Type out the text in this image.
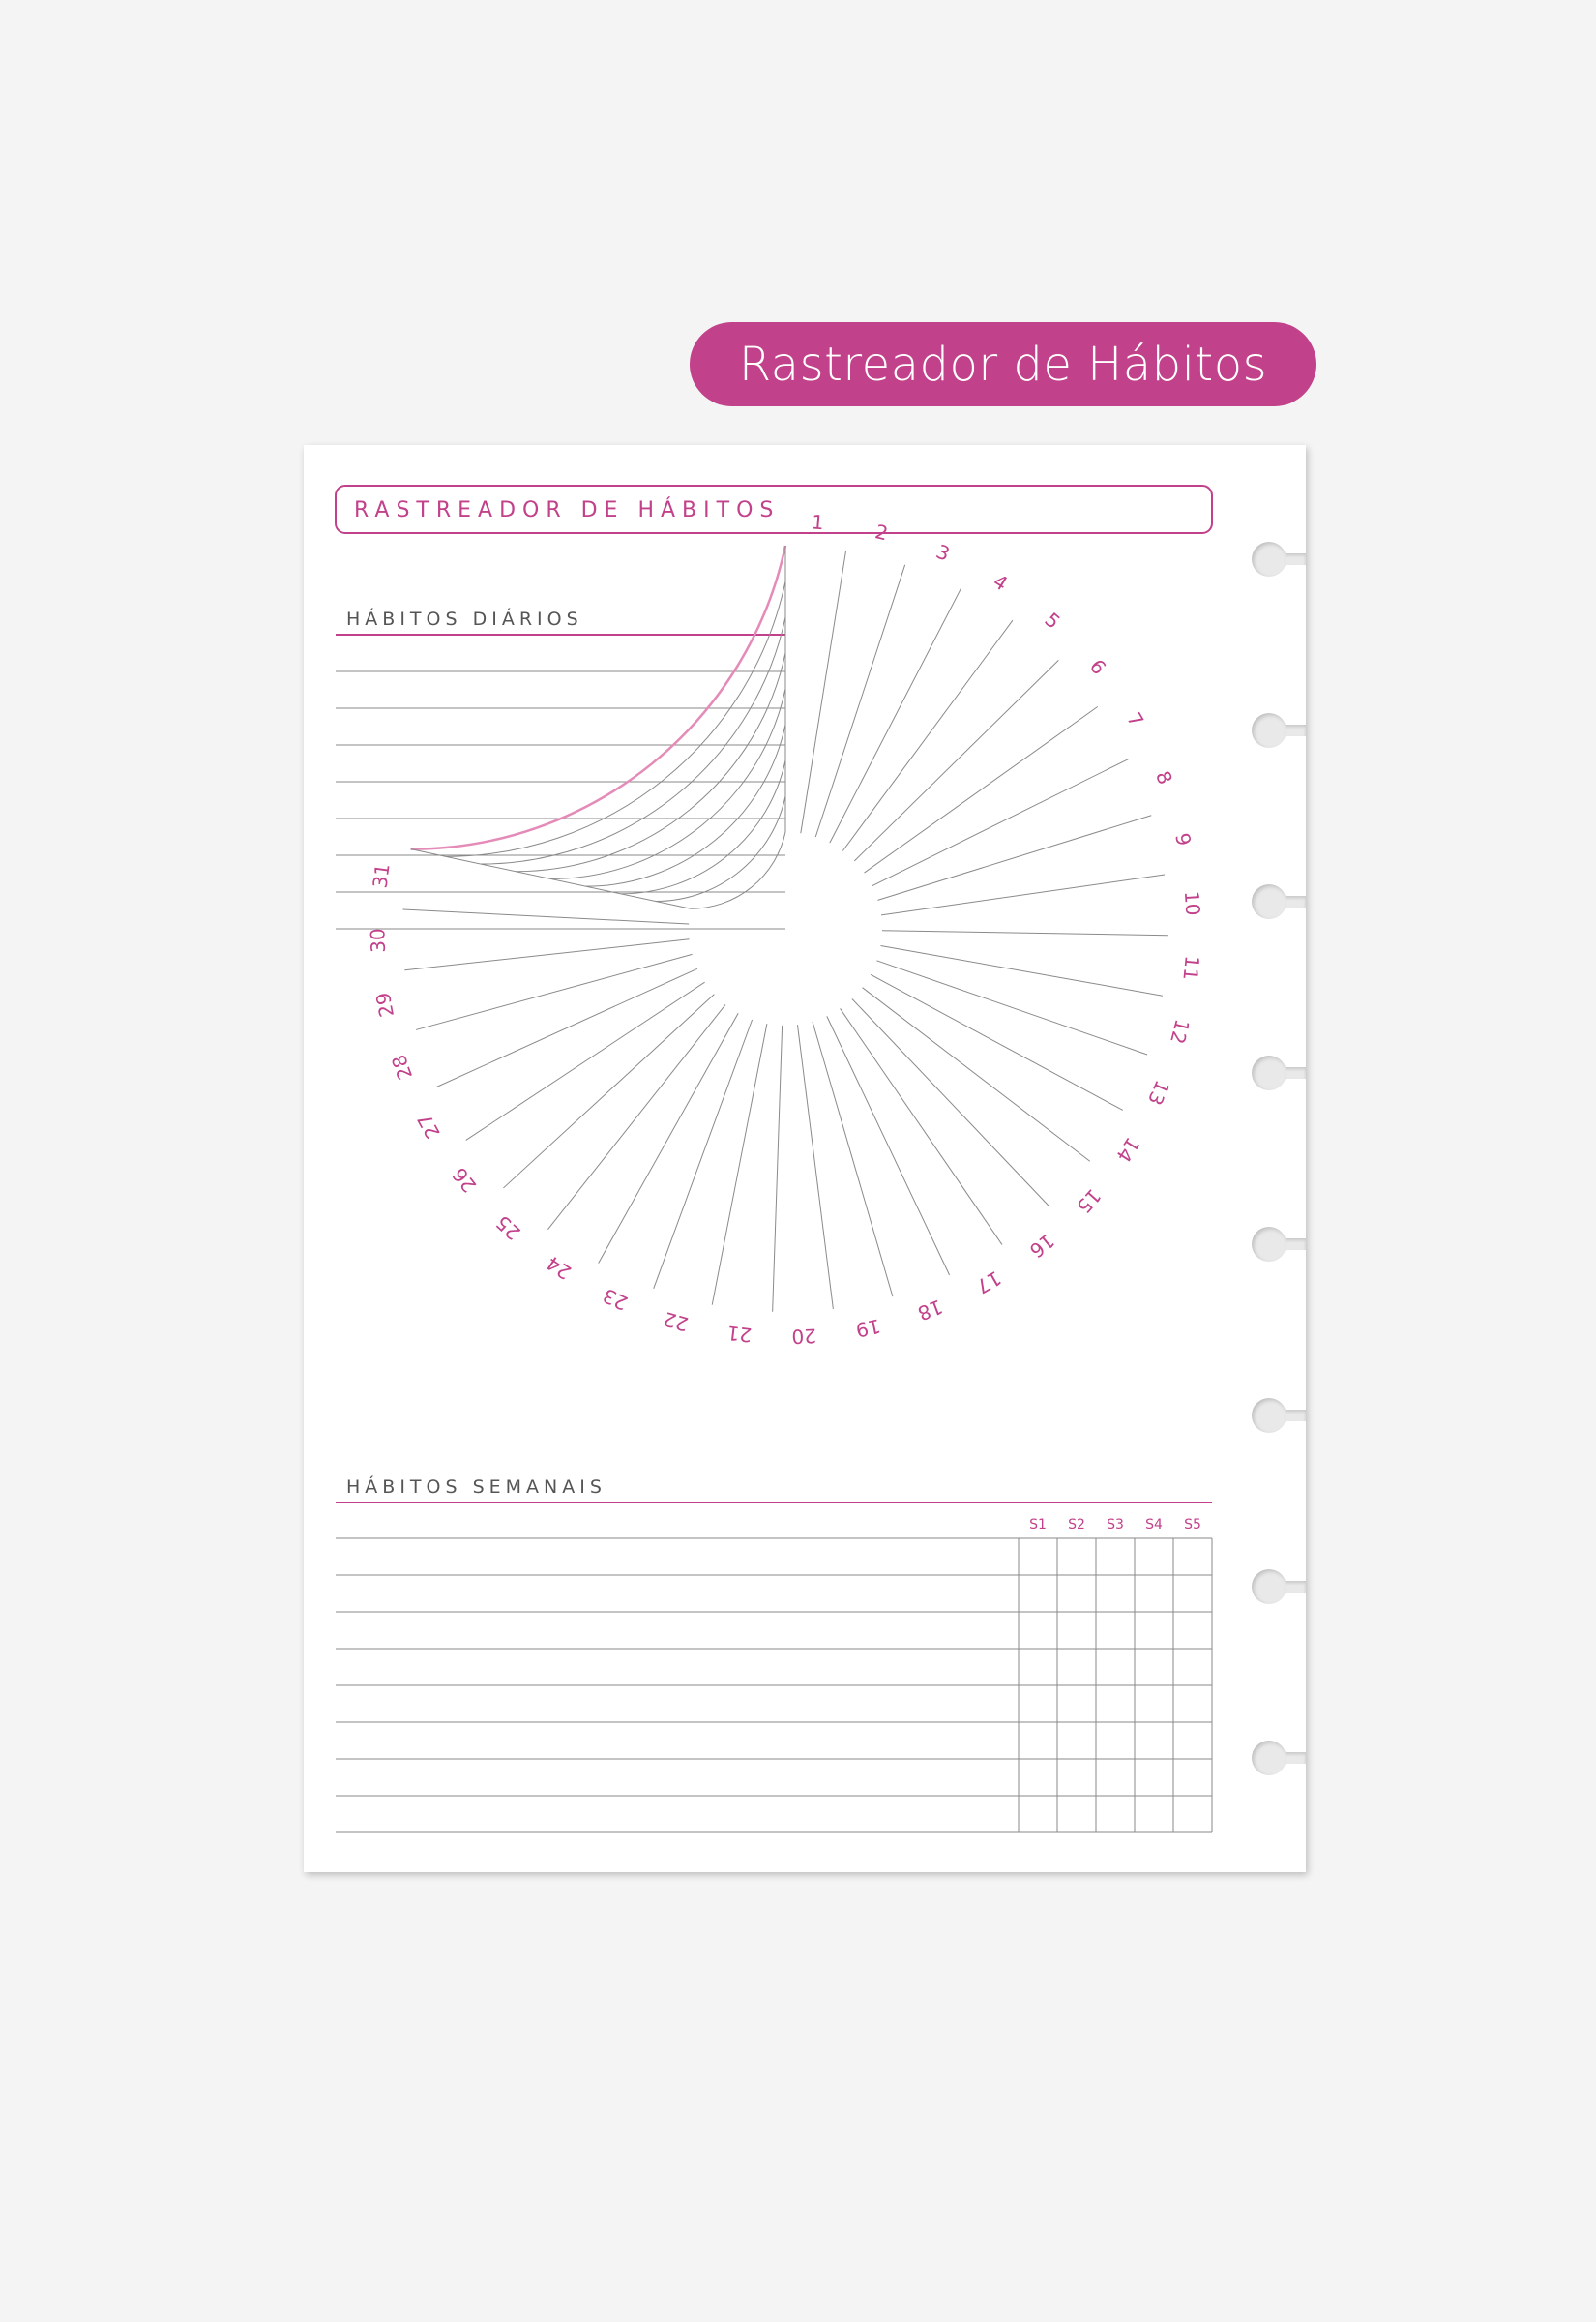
Rastreador de Hábitos
RASTREADOR DE HÁBITOS
HÁBITOS DIÁRIOS
1 2
3
4
5
6
7
8
9
10
11
12
13
14
15
16
17
18
19
20
21
22
23
24
25
26
27
28
29
30
31
HÁBITOS SEMANAIS
S1 S2 S3 S4 S5
